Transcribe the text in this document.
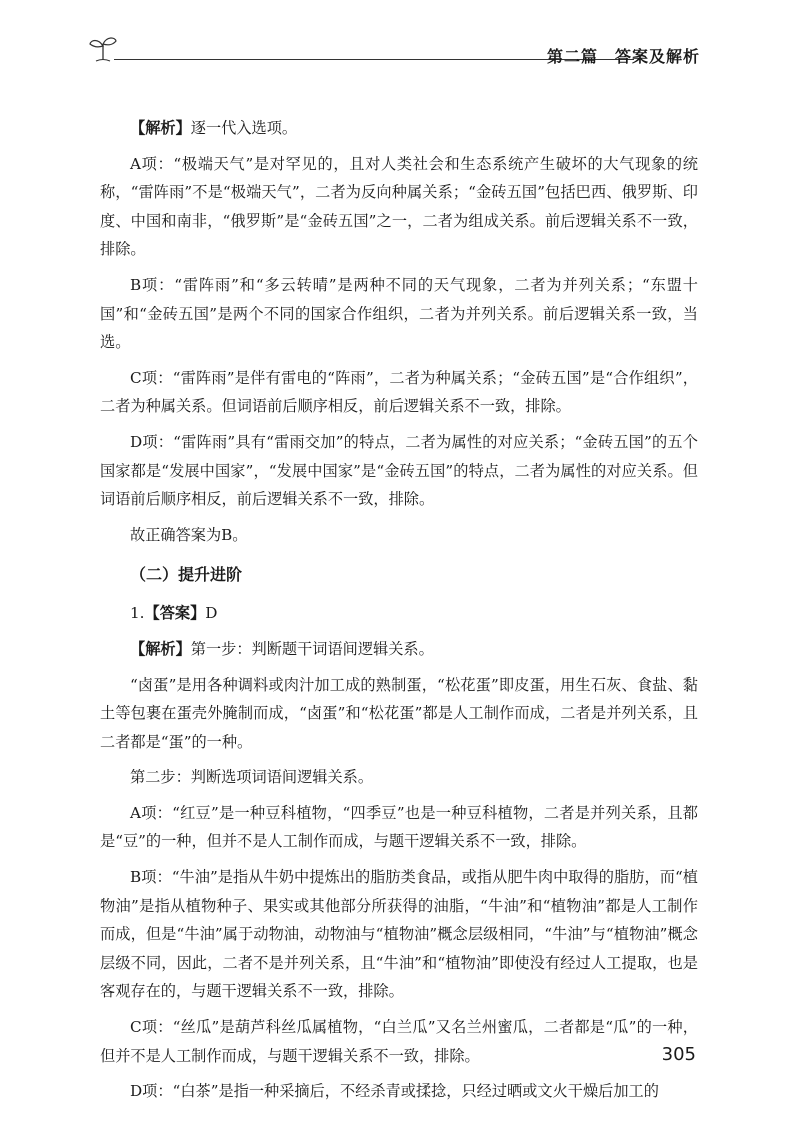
第二篇　答案及解析

【解析】逐一代入选项。

A项：“极端天气”是对罕见的，且对人类社会和生态系统产生破坏的大气现象的统称，“雷阵雨”不是“极端天气”，二者为反向种属关系；“金砖五国”包括巴西、俄罗斯、印度、中国和南非，“俄罗斯”是“金砖五国”之一，二者为组成关系。前后逻辑关系不一致，排除。

B项：“雷阵雨”和“多云转晴”是两种不同的天气现象，二者为并列关系；“东盟十国”和“金砖五国”是两个不同的国家合作组织，二者为并列关系。前后逻辑关系一致，当选。

C项：“雷阵雨”是伴有雷电的“阵雨”，二者为种属关系；“金砖五国”是“合作组织”，二者为种属关系。但词语前后顺序相反，前后逻辑关系不一致，排除。

D项：“雷阵雨”具有“雷雨交加”的特点，二者为属性的对应关系；“金砖五国”的五个国家都是“发展中国家”，“发展中国家”是“金砖五国”的特点，二者为属性的对应关系。但词语前后顺序相反，前后逻辑关系不一致，排除。

故正确答案为B。

（二）提升进阶

1.【答案】D

【解析】第一步：判断题干词语间逻辑关系。

“卤蛋”是用各种调料或肉汁加工成的熟制蛋，“松花蛋”即皮蛋，用生石灰、食盐、黏土等包裹在蛋壳外腌制而成，“卤蛋”和“松花蛋”都是人工制作而成，二者是并列关系，且二者都是“蛋”的一种。

第二步：判断选项词语间逻辑关系。

A项：“红豆”是一种豆科植物，“四季豆”也是一种豆科植物，二者是并列关系，且都是“豆”的一种，但并不是人工制作而成，与题干逻辑关系不一致，排除。

B项：“牛油”是指从牛奶中提炼出的脂肪类食品，或指从肥牛肉中取得的脂肪，而“植物油”是指从植物种子、果实或其他部分所获得的油脂，“牛油”和“植物油”都是人工制作而成，但是“牛油”属于动物油，动物油与“植物油”概念层级相同，“牛油”与“植物油”概念层级不同，因此，二者不是并列关系，且“牛油”和“植物油”即使没有经过人工提取，也是客观存在的，与题干逻辑关系不一致，排除。

C项：“丝瓜”是葫芦科丝瓜属植物，“白兰瓜”又名兰州蜜瓜，二者都是“瓜”的一种，但并不是人工制作而成，与题干逻辑关系不一致，排除。

D项：“白茶”是指一种采摘后，不经杀青或揉捻，只经过晒或文火干燥后加工的

305
